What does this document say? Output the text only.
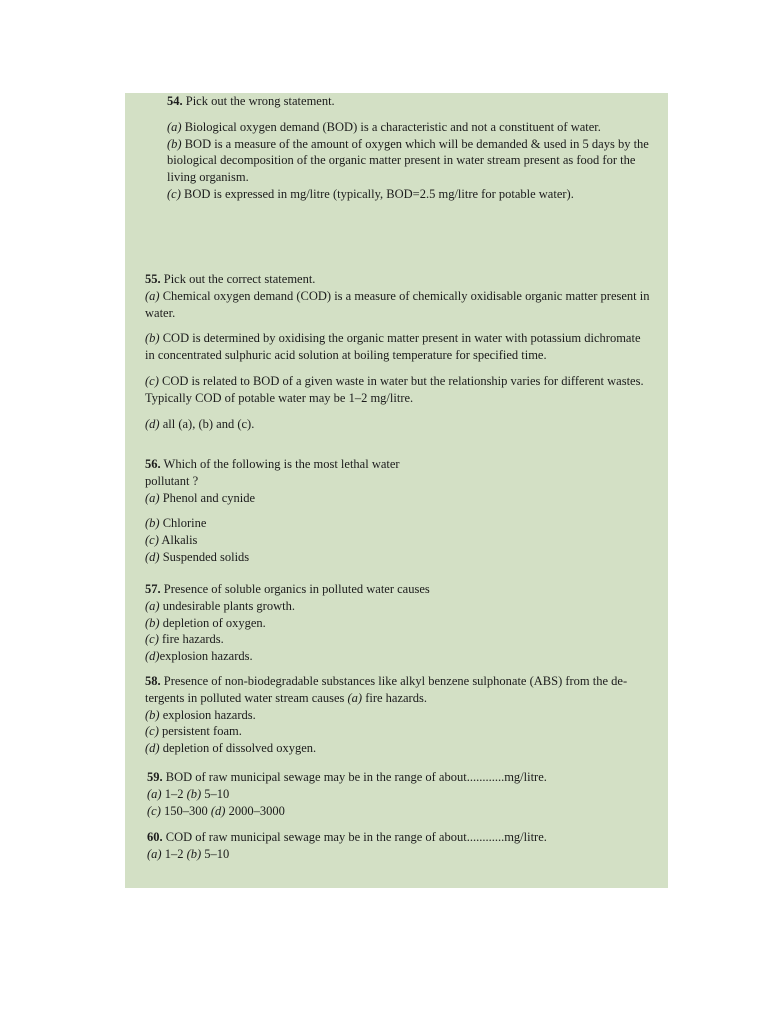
54. Pick out the wrong statement.

(a) Biological oxygen demand (BOD) is a characteristic and not a constituent of water.

(b) BOD is a measure of the amount of oxygen which will be demanded & used in 5 days by the biological decomposition of the organic matter present in water stream present as food for the living organism.

(c) BOD is expressed in mg/litre (typically, BOD=2.5 mg/litre for potable water).

55. Pick out the correct statement.

(a) Chemical oxygen demand (COD) is a measure of chemically oxidisable organic matter present in water.

(b) COD is determined by oxidising the organic matter present in water with potassium dichromate in concentrated sulphuric acid solution at boiling temperature for specified time.

(c) COD is related to BOD of a given waste in water but the relationship varies for different wastes. Typically COD of potable water may be 1–2 mg/litre.

(d) all (a), (b) and (c).

56. Which of the following is the most lethal water

pollutant ?

(a) Phenol and cynide

(b) Chlorine

(c) Alkalis

(d) Suspended solids

57. Presence of soluble organics in polluted water causes

(a) undesirable plants growth.

(b) depletion of oxygen.

(c) fire hazards.

(d)explosion hazards.

58. Presence of non-biodegradable substances like alkyl benzene sulphonate (ABS) from the de- tergents in polluted water stream causes (a) fire hazards.

(b) explosion hazards.

(c) persistent foam.

(d) depletion of dissolved oxygen.

59. BOD of raw municipal sewage may be in the range of about............mg/litre.

(a) 1–2 (b) 5–10

(c) 150–300 (d) 2000–3000

60. COD of raw municipal sewage may be in the range of about............mg/litre.

(a) 1–2 (b) 5–10
